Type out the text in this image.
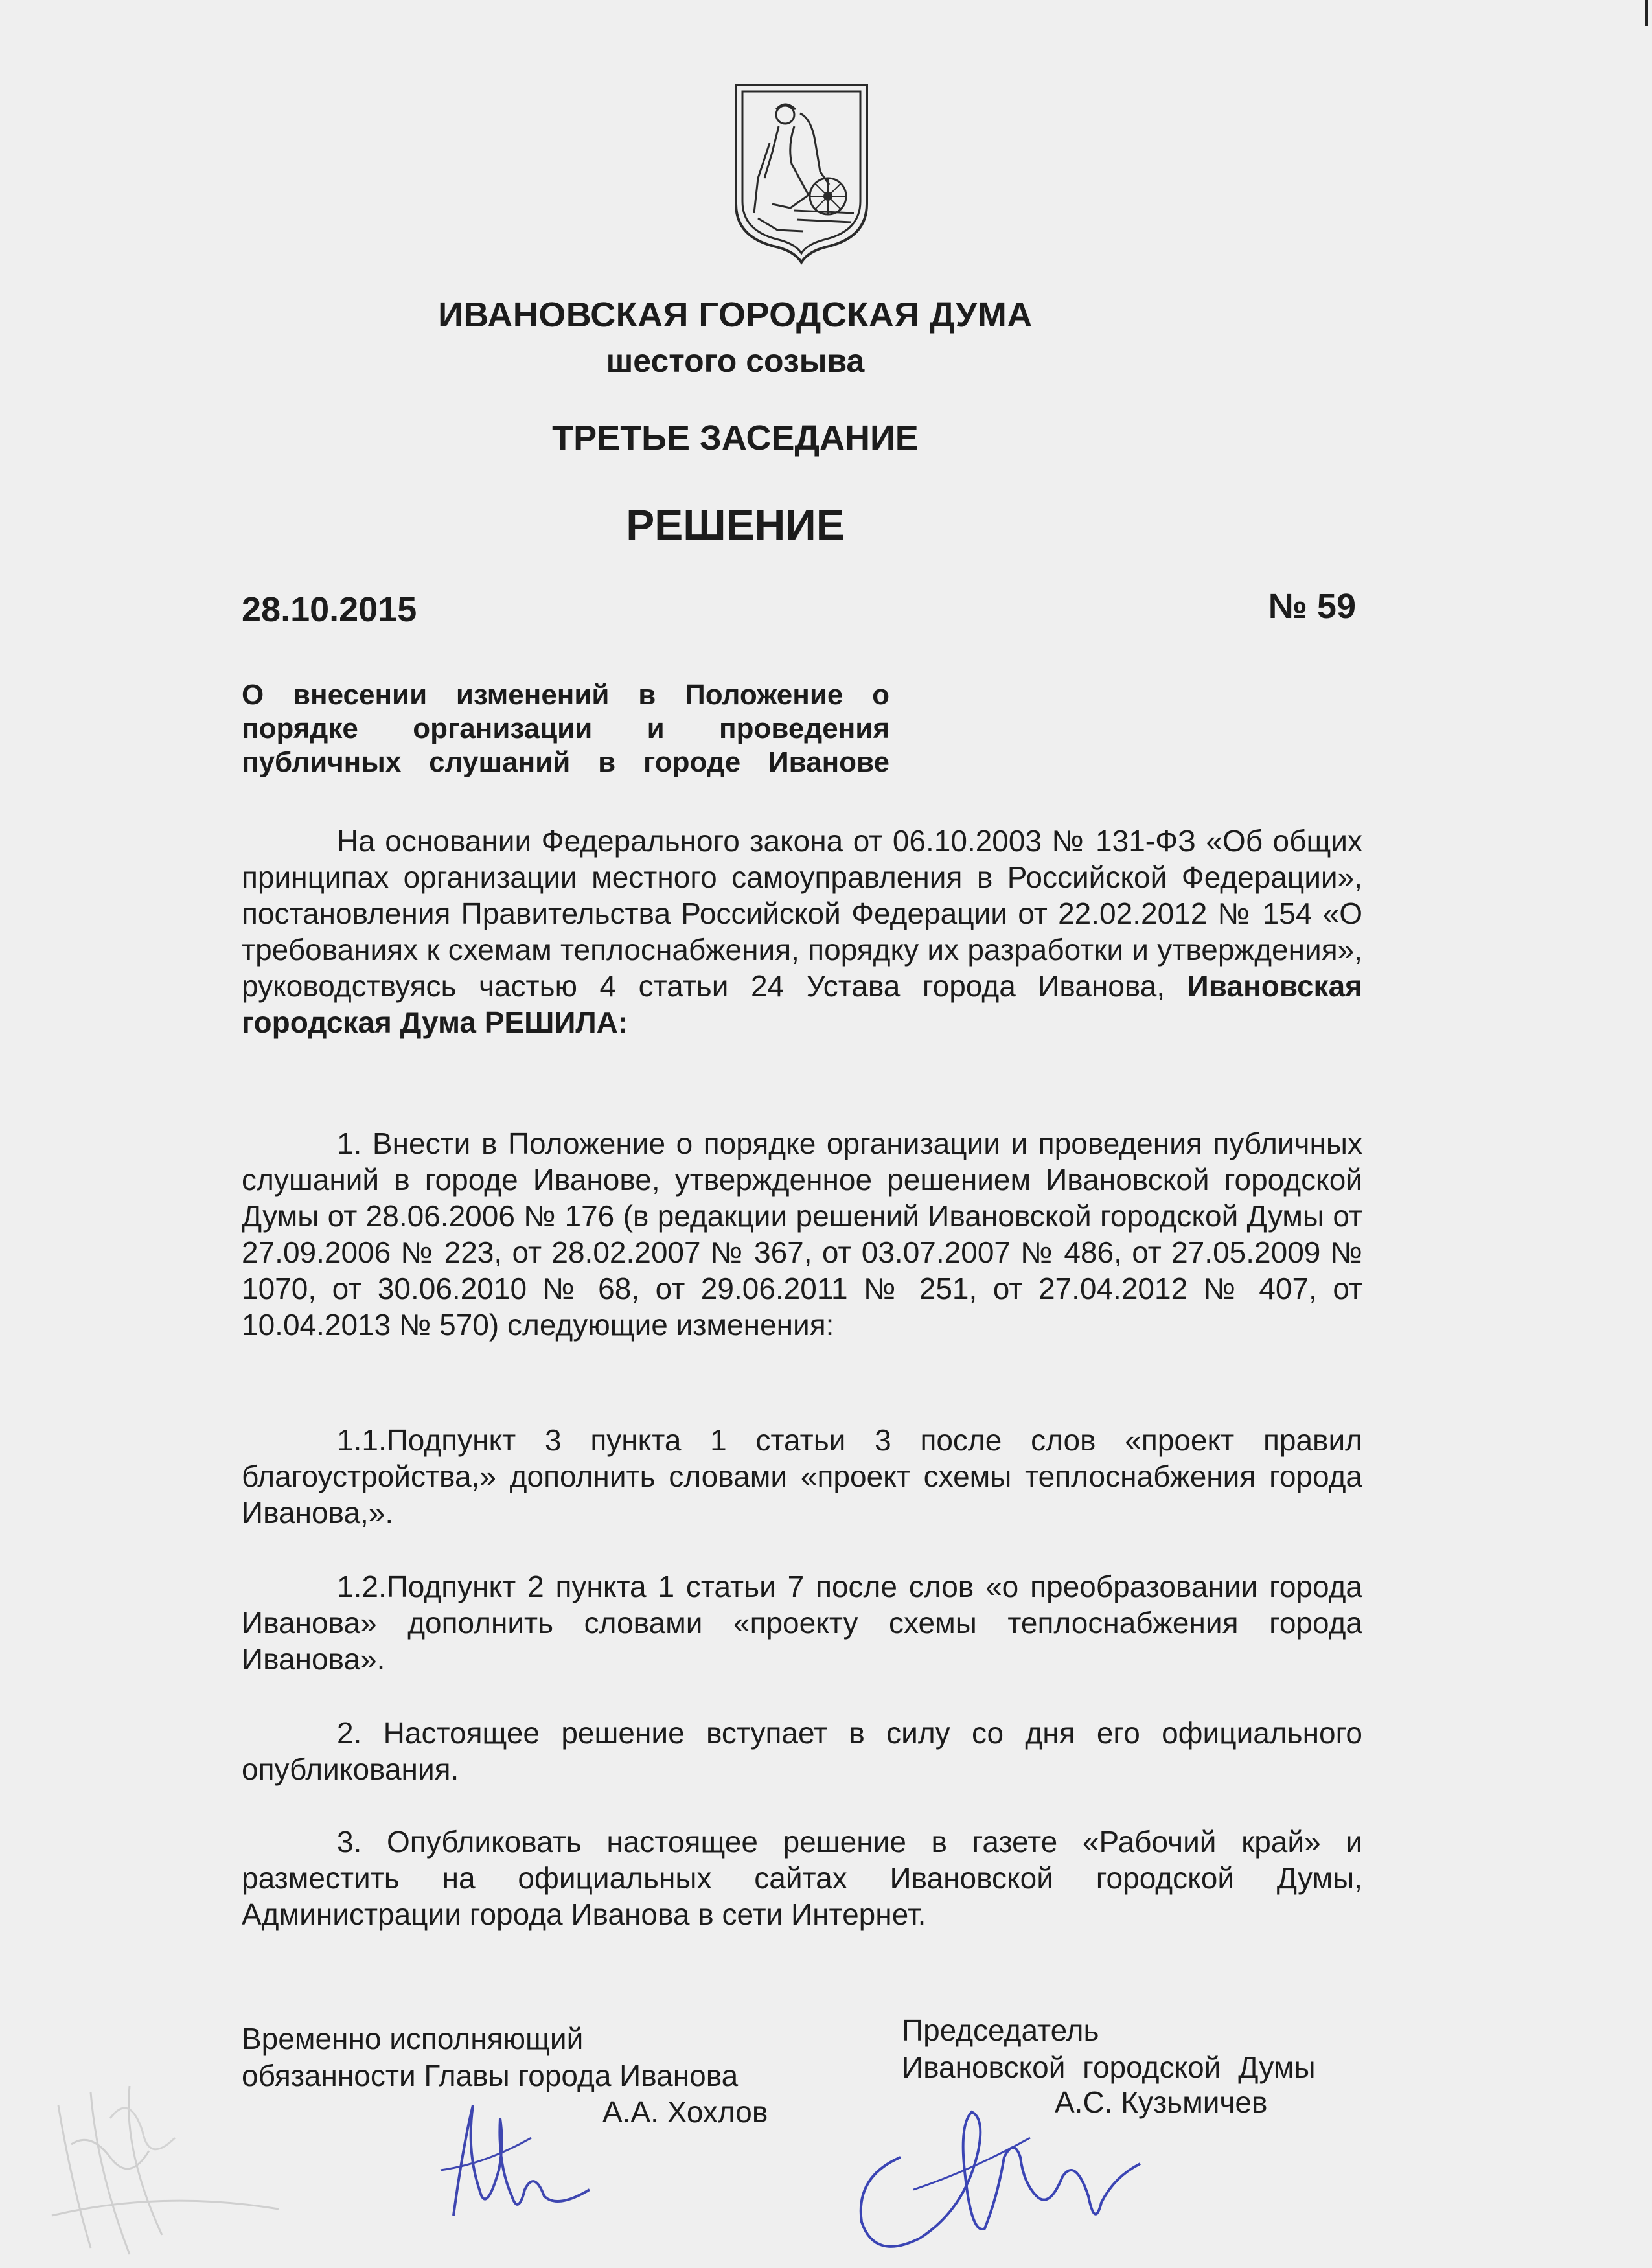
ИВАНОВСКАЯ ГОРОДСКАЯ ДУМА

шестого созыва

ТРЕТЬЕ ЗАСЕДАНИЕ

РЕШЕНИЕ

28.10.2015	№ 59
О внесении изменений в Положение о
порядке организации и проведения
публичных слушаний в городе Иванове

На основании Федерального закона от 06.10.2003 № 131-ФЗ «Об общих принципах организации местного самоуправления в Российской Федерации», постановления Правительства Российской Федерации от 22.02.2012 № 154 «О требованиях к схемам теплоснабжения, порядку их разработки и утверждения», руководствуясь частью 4 статьи 24 Устава города Иванова, Ивановская городская Дума РЕШИЛА:

1. Внести в Положение о порядке организации и проведения публичных слушаний в городе Иванове, утвержденное решением Ивановской городской Думы от 28.06.2006 № 176 (в редакции решений Ивановской городской Думы от 27.09.2006 № 223, от 28.02.2007 № 367, от 03.07.2007 № 486, от 27.05.2009 № 1070, от 30.06.2010 № 68, от 29.06.2011 № 251, от 27.04.2012 № 407, от 10.04.2013 № 570) следующие изменения:

1.1.Подпункт 3 пункта 1 статьи 3 после слов «проект правил благоустройства,» дополнить словами «проект схемы теплоснабжения города Иванова,».

1.2.Подпункт 2 пункта 1 статьи 7 после слов «о преобразовании города Иванова» дополнить словами «проекту схемы теплоснабжения города Иванова».

2. Настоящее решение вступает в силу со дня его официального опубликования.

3. Опубликовать настоящее решение в газете «Рабочий край» и разместить на официальных сайтах Ивановской городской Думы, Администрации города Иванова в сети Интернет.

Временно исполняющий
обязанности Главы города Иванова
А.А. Хохлов
Председатель
Ивановской городской Думы
А.С. Кузьмичев
